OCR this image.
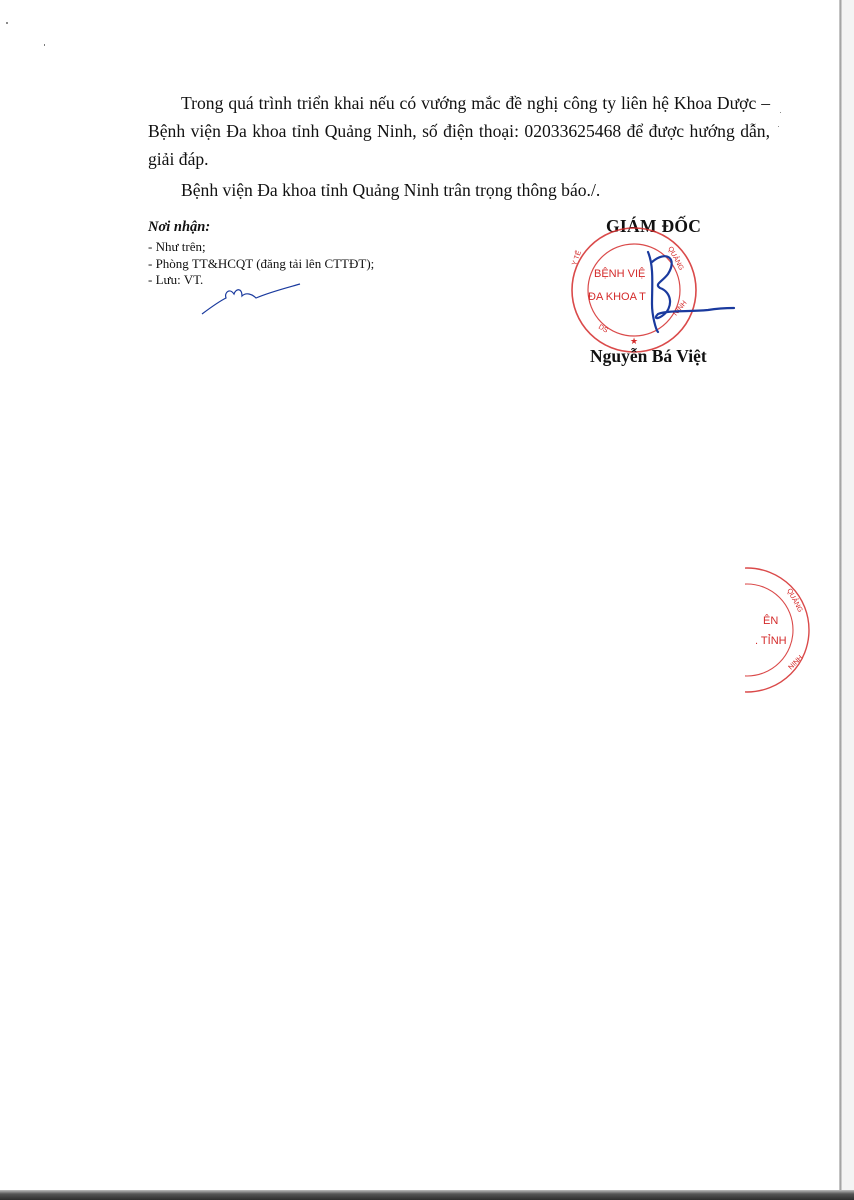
Trong quá trình triển khai nếu có vướng mắc đề nghị công ty liên hệ Khoa Dược – Bệnh viện Đa khoa tỉnh Quảng Ninh, số điện thoại: 02033625468 để được hướng dẫn, giải đáp.

Bệnh viện Đa khoa tỉnh Quảng Ninh trân trọng thông báo./.

Nơi nhận:
- Như trên;
- Phòng TT&HCQT (đăng tải lên CTTĐT);
- Lưu: VT.
GIÁM ĐỐC
BỆNH VIỆ
ĐA KHOA T
QUẢNG
NINH
Y TẾ
DS
★
Nguyễn Bá Việt
ÊN
. TỈNH
QUẢNG
NINH
